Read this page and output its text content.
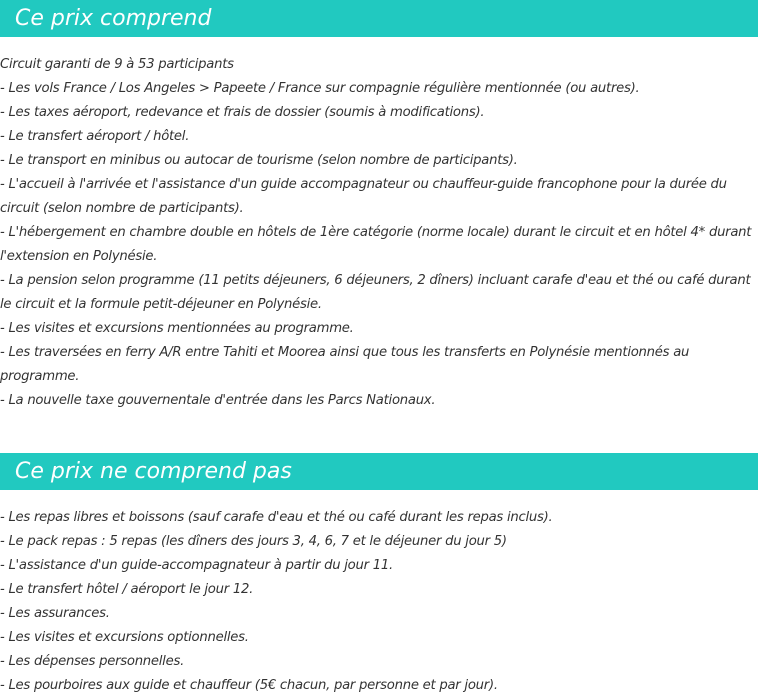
Ce prix comprend
Circuit garanti de 9 à 53 participants
- Les vols France / Los Angeles > Papeete / France sur compagnie régulière mentionnée (ou autres).
- Les taxes aéroport, redevance et frais de dossier (soumis à modifications).
- Le transfert aéroport / hôtel.
- Le transport en minibus ou autocar de tourisme (selon nombre de participants).
- L'accueil à l'arrivée et l'assistance d'un guide accompagnateur ou chauffeur-guide francophone pour la durée du circuit (selon nombre de participants).
- L'hébergement en chambre double en hôtels de 1ère catégorie (norme locale) durant le circuit et en hôtel 4* durant l'extension en Polynésie.
- La pension selon programme (11 petits déjeuners, 6 déjeuners, 2 dîners) incluant carafe d'eau et thé ou café durant le circuit et la formule petit-déjeuner en Polynésie.
- Les visites et excursions mentionnées au programme.
- Les traversées en ferry A/R entre Tahiti et Moorea ainsi que tous les transferts en Polynésie mentionnés au programme.
- La nouvelle taxe gouvernentale d'entrée dans les Parcs Nationaux.
Ce prix ne comprend pas
- Les repas libres et boissons (sauf carafe d'eau et thé ou café durant les repas inclus).
- Le pack repas : 5 repas (les dîners des jours 3, 4, 6, 7 et le déjeuner du jour 5)
- L'assistance d'un guide-accompagnateur à partir du jour 11.
- Le transfert hôtel / aéroport le jour 12.
- Les assurances.
- Les visites et excursions optionnelles.
- Les dépenses personnelles.
- Les pourboires aux guide et chauffeur (5€ chacun, par personne et par jour).
